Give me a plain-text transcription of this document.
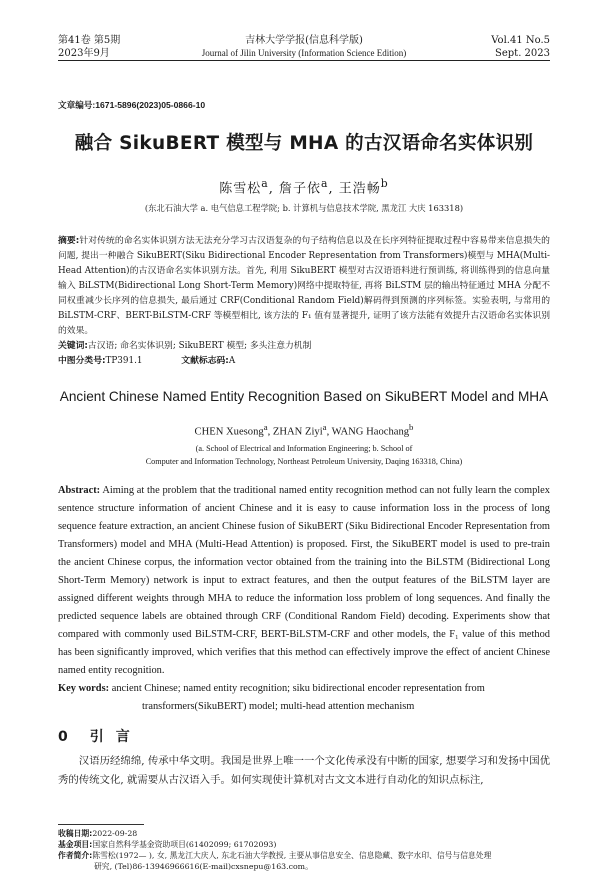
第41卷 第5期
2023年9月
吉林大学学报(信息科学版)
Journal of Jilin University (Information Science Edition)
Vol.41 No.5
Sept. 2023
文章编号:1671-5896(2023)05-0866-10
融合 SikuBERT 模型与 MHA 的古汉语命名实体识别
陈雪松$^a$, 詹子依$^a$, 王浩畅$^b$
(东北石油大学 a. 电气信息工程学院; b. 计算机与信息技术学院, 黑龙江 大庆 163318)
摘要:针对传统的命名实体识别方法无法充分学习古汉语复杂的句子结构信息以及在长序列特征提取过程中容易带来信息损失的问题, 提出一种融合 SikuBERT(Siku Bidirectional Encoder Representation from Transformers)模型与 MHA(Multi-Head Attention)的古汉语命名实体识别方法。首先, 利用 SikuBERT 模型对古汉语语料进行预训练, 将训练得到的信息向量输入 BiLSTM(Bidirectional Long Short-Term Memory)网络中提取特征, 再将 BiLSTM 层的输出特征通过 MHA 分配不同权重减少长序列的信息损失, 最后通过 CRF(Conditional Random Field)解码得到预测的序列标签。实验表明, 与常用的 BiLSTM-CRF、BERT-BiLSTM-CRF 等模型相比, 该方法的 F₁ 值有显著提升, 证明了该方法能有效提升古汉语命名实体识别的效果。
关键词:古汉语; 命名实体识别; SikuBERT 模型; 多头注意力机制
中图分类号:TP391.1	文献标志码:A
Ancient Chinese Named Entity Recognition Based on SikuBERT Model and MHA
CHEN Xuesong$^a$, ZHAN Ziyi$^a$, WANG Haochang$^b$
(a. School of Electrical and Information Engineering; b. School of
Computer and Information Technology, Northeast Petroleum University, Daqing 163318, China)
Abstract: Aiming at the problem that the traditional named entity recognition method can not fully learn the complex sentence structure information of ancient Chinese and it is easy to cause information loss in the process of long sequence feature extraction, an ancient Chinese fusion of SikuBERT (Siku Bidirectional Encoder Representation from Transformers) model and MHA (Multi-Head Attention) is proposed. First, the SikuBERT model is used to pre-train the ancient Chinese corpus, the information vector obtained from the training into the BiLSTM (Bidirectional Long Short-Term Memory) network is input to extract features, and then the output features of the BiLSTM layer are assigned different weights through MHA to reduce the information loss problem of long sequences. And finally the predicted sequence labels are obtained through CRF (Conditional Random Field) decoding. Experiments show that compared with commonly used BiLSTM-CRF, BERT-BiLSTM-CRF and other models, the F₁ value of this method has been significantly improved, which verifies that this method can effectively improve the effect of ancient Chinese named entity recognition.
Key words: ancient Chinese; named entity recognition; siku bidirectional encoder representation from transformers(SikuBERT) model; multi-head attention mechanism
0 引言
汉语历经绵绵, 传承中华文明。我国是世界上唯一一个文化传承没有中断的国家, 想要学习和发扬中国优秀的传统文化, 就需要从古汉语入手。如何实现使计算机对古文文本进行自动化的知识点标注,
收稿日期:2022-09-28
基金项目:国家自然科学基金资助项目(61402099; 61702093)
作者简介:陈雪松(1972— ), 女, 黑龙江大庆人, 东北石油大学教授, 主要从事信息安全、信息隐藏、数字水印、信号与信息处理
研究, (Tel)86-13946966616(E-mail)cxsnepu@163.com。
